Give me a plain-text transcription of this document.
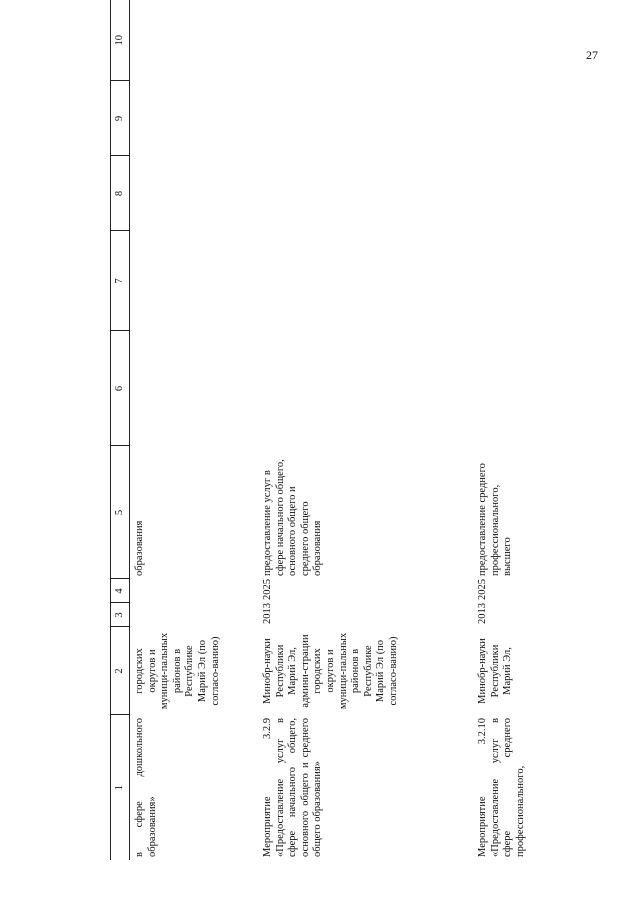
27
1	2	3	4	5	6	7	8	9	10
в сфере дошкольного образования»	городских округов и муници-пальных районов в Республике Марий Эл (по согласо-ванию)			образования					
Мероприятие 3.2.9 «Предоставление услуг в сфере начального общего, основного общего и среднего общего образования»	Минобр-науки Республики Марий Эл, админи-страции городских округов и муници-пальных районов в Республике Марий Эл (по согласо-ванию)	2013	2025	предоставление услуг в сфере начального общего, основного общего и среднего общего образования					
Мероприятие 3.2.10 «Предоставление услуг в сфере среднего профессионального,	Минобр-науки Республики Марий Эл,	2013	2025	предоставление среднего профессионального, высшего					
